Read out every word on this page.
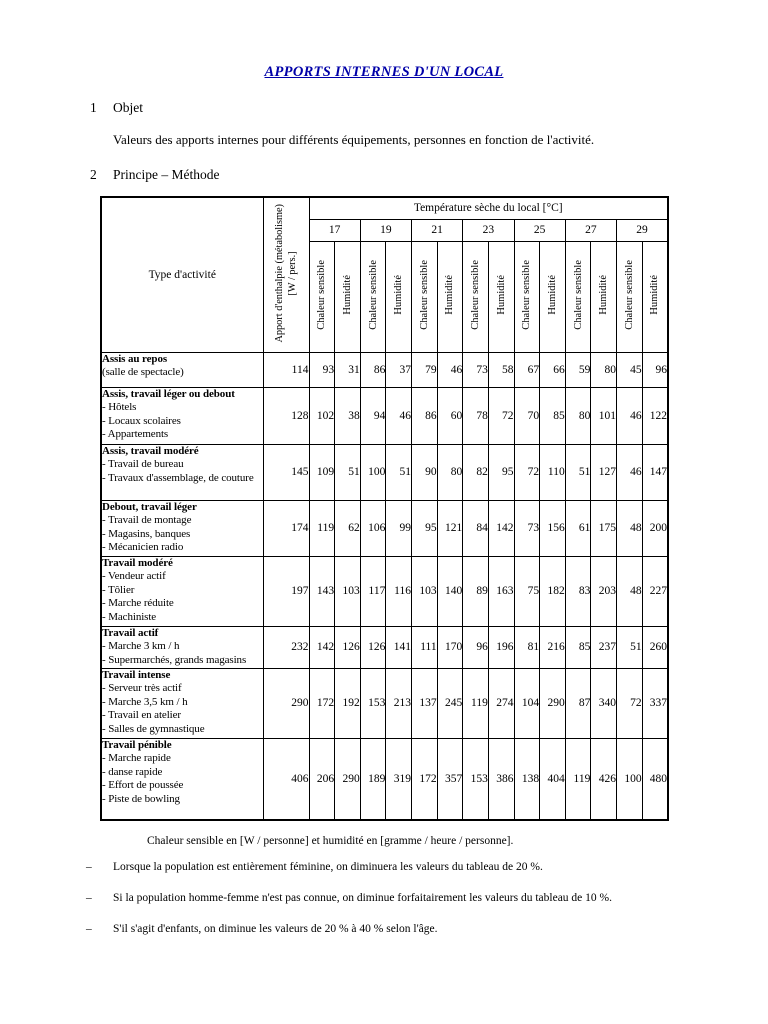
APPORTS INTERNES D'UN LOCAL
1	Objet

Valeurs des apports internes pour différents équipements, personnes en fonction de l'activité.

2	Principe – Méthode
Type d'activité	Apport d'enthalpie (métabolisme) [W / pers.]	Température sèche du local [°C]													
		17		19		21		23		25		27		29	
		Chaleur sensible	Humidité	Chaleur sensible	Humidité	Chaleur sensible	Humidité	Chaleur sensible	Humidité	Chaleur sensible	Humidité	Chaleur sensible	Humidité	Chaleur sensible	Humidité

Assis au repos
(salle de spectacle)	114	93	31	86	37	79	46	73	58	67	66	59	80	45	96

Assis, travail léger ou debout
- Hôtels
- Locaux scolaires
- Appartements	128	102	38	94	46	86	60	78	72	70	85	80	101	46	122

Assis, travail modéré
- Travail de bureau
- Travaux d'assemblage, de couture	145	109	51	100	51	90	80	82	95	72	110	51	127	46	147

Debout, travail léger
- Travail de montage
- Magasins, banques
- Mécanicien radio	174	119	62	106	99	95	121	84	142	73	156	61	175	48	200

Travail modéré
- Vendeur actif
- Tôlier
- Marche réduite
- Machiniste	197	143	103	117	116	103	140	89	163	75	182	83	203	48	227

Travail actif
- Marche 3 km / h
- Supermarchés, grands magasins	232	142	126	126	141	111	170	96	196	81	216	85	237	51	260

Travail intense
- Serveur très actif
- Marche 3,5 km / h
- Travail en atelier
- Salles de gymnastique	290	172	192	153	213	137	245	119	274	104	290	87	340	72	337

Travail pénible
- Marche rapide
- danse rapide
- Effort de poussée
- Piste de bowling	406	206	290	189	319	172	357	153	386	138	404	119	426	100	480

Chaleur sensible en [W / personne] et humidité en [gramme / heure / personne].

–	Lorsque la population est entièrement féminine, on diminuera les valeurs du tableau de 20 %.
–	Si la population homme-femme n'est pas connue, on diminue forfaitairement les valeurs du tableau de 10 %.
–	S'il s'agit d'enfants, on diminue les valeurs de 20 % à 40 % selon l'âge.
